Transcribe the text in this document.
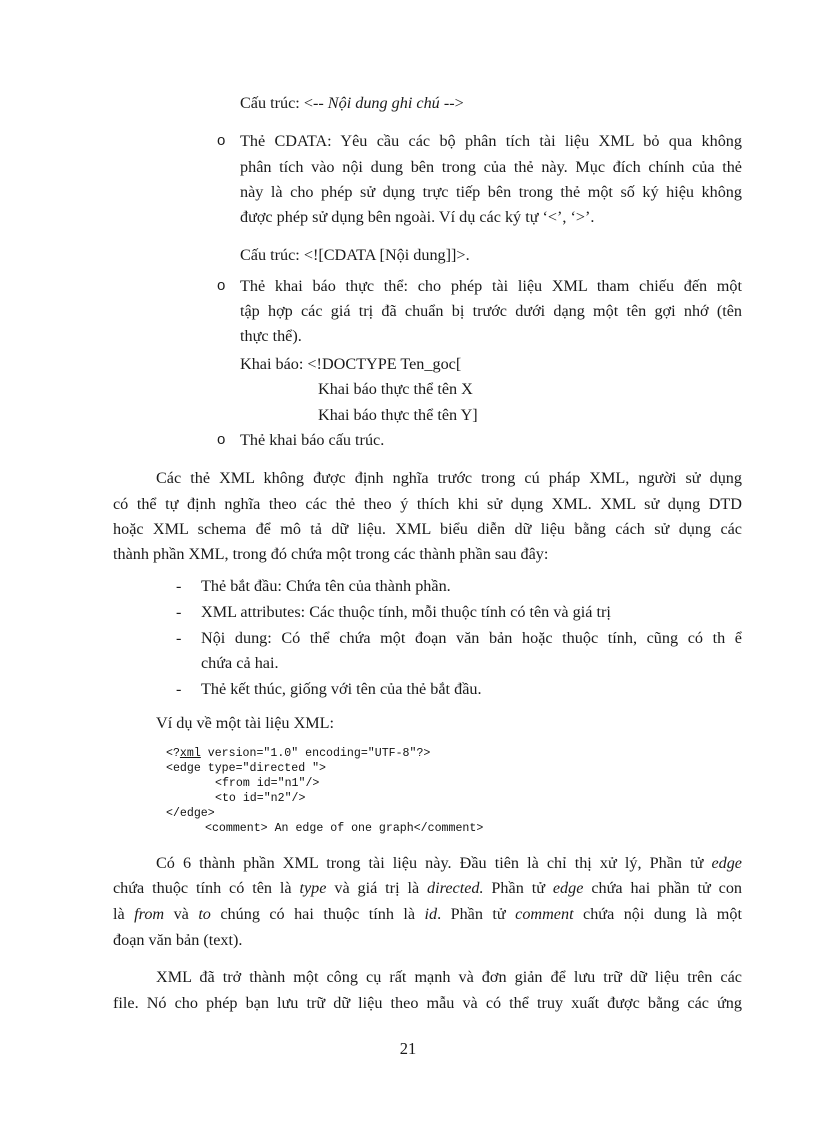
Cấu trúc: <-- Nội dung ghi chú -->
o Thẻ CDATA: Yêu cầu các bộ phân tích tài liệu XML bỏ qua không
phân tích vào nội dung bên trong của thẻ này. Mục đích chính của thẻ
này là cho phép sử dụng trực tiếp bên trong thẻ một số ký hiệu không
được phép sử dụng bên ngoài. Ví dụ các ký tự ‘<’, ‘>’.
Cấu trúc: <![CDATA [Nội dung]]>.
o Thẻ khai báo thực thể: cho phép tài liệu XML tham chiếu đến một
tập hợp các giá trị đã chuẩn bị trước dưới dạng một tên gợi nhớ (tên
thực thể).
Khai báo: <!DOCTYPE Ten_goc[
Khai báo thực thể tên X
Khai báo thực thể tên Y]
o Thẻ khai báo cấu trúc.
Các thẻ XML không được định nghĩa trước trong cú pháp XML, người sử dụng
có thể tự định nghĩa theo các thẻ theo ý thích khi sử dụng XML. XML sử dụng DTD
hoặc XML schema để mô tả dữ liệu. XML biểu diễn dữ liệu bằng cách sử dụng các
thành phần XML, trong đó chứa một trong các thành phần sau đây:
- Thẻ bắt đầu: Chứa tên của thành phần.
- XML attributes: Các thuộc tính, mỗi thuộc tính có tên và giá trị
- Nội dung: Có thể chứa một đoạn văn bản hoặc thuộc tính, cũng có th ể
chứa cả hai.
- Thẻ kết thúc, giống với tên của thẻ bắt đầu.
Ví dụ về một tài liệu XML:
<?xml version="1.0" encoding="UTF-8"?>
<edge type="directed ">
<from id="n1"/>
<to id="n2"/>
</edge>
<comment> An edge of one graph</comment>
Có 6 thành phần XML trong tài liệu này. Đầu tiên là chỉ thị xử lý, Phần tử edge
chứa thuộc tính có tên là type và giá trị là directed. Phần tử edge chứa hai phần tử con
là from và to chúng có hai thuộc tính là id. Phần tử comment chứa nội dung là một
đoạn văn bản (text).
XML đã trở thành một công cụ rất mạnh và đơn giản để lưu trữ dữ liệu trên các
file. Nó cho phép bạn lưu trữ dữ liệu theo mẫu và có thể truy xuất được bằng các ứng
21
